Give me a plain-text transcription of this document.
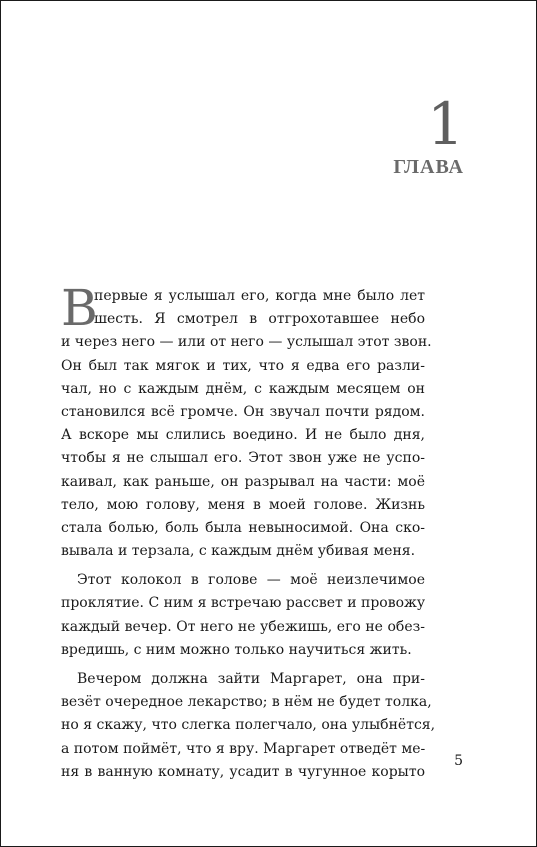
1
ГЛАВА
В
первые я услышал его, когда мне было лет
шесть. Я смотрел в отгрохотавшее небо
и через него — или от него — услышал этот звон.
Он был так мягок и тих, что я едва его разли-
чал, но с каждым днём, с каждым месяцем он
становился всё громче. Он звучал почти рядом.
А вскоре мы слились воедино. И не было дня,
чтобы я не слышал его. Этот звон уже не успо-
каивал, как раньше, он разрывал на части: моё
тело, мою голову, меня в моей голове. Жизнь
стала болью, боль была невыносимой. Она ско-
вывала и терзала, с каждым днём убивая меня.
Этот колокол в голове — моё неизлечимое
проклятие. С ним я встречаю рассвет и провожу
каждый вечер. От него не убежишь, его не обез-
вредишь, с ним можно только научиться жить.
Вечером должна зайти Маргарет, она при-
везёт очередное лекарство; в нём не будет толка,
но я скажу, что слегка полегчало, она улыбнётся,
а потом поймёт, что я вру. Маргарет отведёт ме-
ня в ванную комнату, усадит в чугунное корыто
5
